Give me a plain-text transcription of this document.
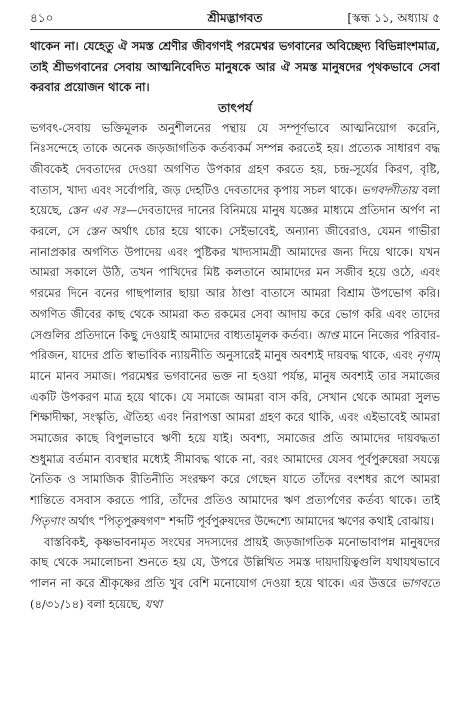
৪১০	শ্রীমদ্ভাগবত	[স্কন্ধ ১১, অধ্যায় ৫

থাকেন না। যেহেতু ঐ সমস্ত শ্রেণীর জীবগণই পরমেশ্বর ভগবানের অবিচ্ছেদ্য বিভিন্নাংশমাত্র, তাই শ্রীভগবানের সেবায় আত্মনিবেদিত মানুষকে আর ঐ সমস্ত মানুষদের পৃথকভাবে সেবা করবার প্রয়োজন থাকে না।

তাৎপর্য

ভগবৎ-সেবায় ভক্তিমূলক অনুশীলনের পন্থায় যে সম্পূর্ণভাবে আত্মনিয়োগ করেনি, নিঃসন্দেহে তাকে অনেক জড়জাগতিক কর্তব্যকর্ম সম্পন্ন করতেই হয়। প্রত্যেক সাধারণ বদ্ধ জীবকেই দেবতাদের দেওয়া অগণিত উপকার গ্রহণ করতে হয়, চন্দ্র-সূর্যের কিরণ, বৃষ্টি, বাতাস, খাদ্য এবং সর্বোপরি, জড় দেহটিও দেবতাদের কৃপায় সচল থাকে। ভগবদ্গীতায় বলা হয়েছে, স্তেন এব সঃ—দেবতাদের দানের বিনিময়ে মানুষ যজ্ঞের মাধ্যমে প্রতিদান অর্পণ না করলে, সে স্তেন অর্থাৎ চোর হয়ে থাকে। সেইভাবেই, অন্যান্য জীবেরাও, যেমন গাভীরা নানাপ্রকার অগণিত উপাদেয় এবং পুষ্টিকর খাদ্যসামগ্রী আমাদের জন্য দিয়ে থাকে। যখন আমরা সকালে উঠি, তখন পাখিদের মিষ্ট কলতানে আমাদের মন সজীব হয়ে ওঠে, এবং গরমের দিনে বনের গাছপালার ছায়া আর ঠাণ্ডা বাতাসে আমরা বিশ্রাম উপভোগ করি। অগণিত জীবের কাছ থেকে আমরা কত রকমের সেবা আদায় করে ভোগ করি এবং তাদের সেগুলির প্রতিদানে কিছু দেওয়াই আমাদের বাধ্যতামূলক কর্তব্য। আপ্ত মানে নিজের পরিবার-পরিজন, যাদের প্রতি স্বাভাবিক ন্যায়নীতি অনুসারেই মানুষ অবশ্যই দায়বদ্ধ থাকে, এবং নৃণাম্ মানে মানব সমাজ। পরমেশ্বর ভগবানের ভক্ত না হওয়া পর্যন্ত, মানুষ অবশ্যই তার সমাজের একটি উপকরণ মাত্র হয়ে থাকে। যে সমাজে আমরা বাস করি, সেখান থেকে আমরা সুলভ শিক্ষাদীক্ষা, সংস্কৃতি, ঐতিহ্য এবং নিরাপত্তা আমরা গ্রহণ করে থাকি, এবং এইভাবেই আমরা সমাজের কাছে বিপুলভাবে ঋণী হয়ে যাই। অবশ্য, সমাজের প্রতি আমাদের দায়বদ্ধতা শুধুমাত্র বর্তমান ব্যবস্থার মধ্যেই সীমাবদ্ধ থাকে না, বরং আমাদের যেসব পূর্বপুরুষেরা সযত্নে নৈতিক ও সামাজিক রীতিনীতি সংরক্ষণ করে গেছেন যাতে তাঁদের বংশধর রূপে আমরা শান্তিতে বসবাস করতে পারি, তাঁদের প্রতিও আমাদের ঋণ প্রত্যর্পণের কর্তব্য থাকে। তাই পিতৃণাং অর্থাৎ "পিতৃপুরুষগণ" শব্দটি পূর্বপুরুষদের উদ্দেশ্যে আমাদের ঋণের কথাই বোঝায়।

বাস্তবিকই, কৃষ্ণভাবনামৃত সংঘের সদস্যদের প্রায়ই জড়জাগতিক মনোভাবাপন্ন মানুষদের কাছ থেকে সমালোচনা শুনতে হয় যে, উপরে উল্লিখিত সমস্ত দায়দায়িত্বগুলি যথাযথভাবে পালন না করে শ্রীকৃষ্ণের প্রতি খুব বেশি মনোযোগ দেওয়া হয়ে থাকে। এর উত্তরে ভাগবতে (৪/৩১/১৪) বলা হয়েছে, যথা
